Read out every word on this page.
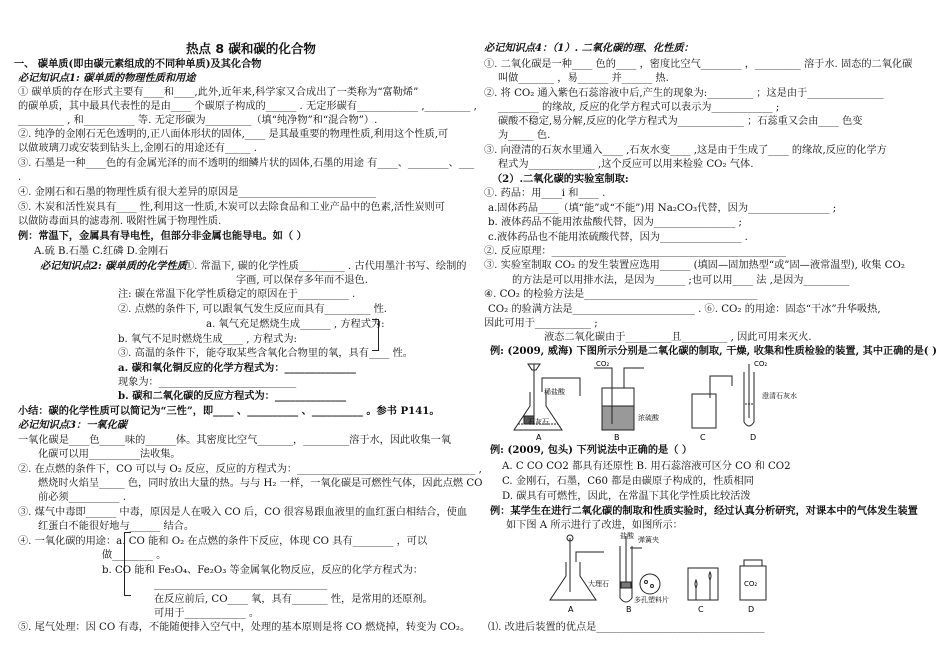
热点 8 碳和碳的化合物
一、 碳单质(即由碳元素组成的不同种单质)及其化合物
必记知识点1: 碳单质的物理性质和用途
① 碳单质的存在形式主要有____和____,此外,近年来,科学家又合成出了一类称为“富勒烯”
的碳单质，其中最具代表性的是由____ 个碳原子构成的______ . 无定形碳有____________ ,_________ ,
_________ , 和__________ 等. 无定形碳为_________（填“纯净物”和“混合物”）.
②. 纯净的金刚石无色透明的,正八面体形状的固体,____ 是其最重要的物理性质,利用这个性质,可
以做玻璃刀或安装到钻头上,金刚石的用途还有_____ .
③. 石墨是一种____色的有金属光泽的而不透明的细鳞片状的固体,石墨的用途 有____、________、___
.
④. 金刚石和石墨的物理性质有很大差异的原因是___________________________
⑤. 木炭和活性炭具有____ 性,利用这一性质,木炭可以去除食品和工业产品中的色素,活性炭则可
以做防毒面具的滤毒剂. 吸附性属于物理性质.
例：常温下，金属具有导电性，但部分非金属也能导电。如（ ）
A.硫 B.石墨 C.红磷 D.金刚石
必记知识点2: 碳单质的化学性质
①. 常温下, 碳的化学性质_________ . 古代用墨汁书写、绘制的
字画, 可以保存多年而不退色.
注: 碳在常温下化学性质稳定的原因在于__________ .
②. 点燃的条件下, 可以跟氧气发生反应而具有_________ 性.
a. 氧气充足燃烧生成______ , 方程式为:
b. 氧气不足时燃烧生成____ , 方程式为:
③. 高温的条件下，能夺取某些含氧化合物里的氧，具有____ 性。
a. 碳和氧化铜反应的化学方程式为：______________
现象为：___________________________
b. 碳和二氧化碳的反应方程式为：______________
小结：碳的化学性质可以简记为“三性”，即____ 、__________ 、__________ 。参书 P141。
必记知识点3：一氧化碳
一氧化碳是____色_____味的______体。其密度比空气_______，_________溶于水，因此收集一氧
化碳可以用__________法收集。
②. 在点燃的条件下，CO 可以与 O₂ 反应，反应的方程式为：___________________________________ ,
燃烧时火焰呈_____ 色，同时放出大量的热。与与 H₂ 一样，一氧化碳是可燃性气体，因此点燃 CO
前必须__________ .
③. 煤气中毒即______ 中毒，原因是人在吸入 CO 后，CO 很容易跟血液里的血红蛋白相结合，使血
红蛋白不能很好地与______ 结合。
④. 一氧化碳的用途：a. CO 能和 O₂ 在点燃的条件下反应，体现 CO 具有________ ，可以
做________ 。
b. CO 能和 Fe₃O₄、Fe₂O₃ 等金属氧化物反应，反应的化学方程式为：
__________________________________
在反应前后, CO____ 氧，具有_______ 性，是常用的还原剂。
可用于____________ 。
⑤. 尾气处理：因 CO 有毒，不能随便排入空气中，处理的基本原则是将 CO 燃烧掉，转变为 CO₂。
必记知识点4：（1）. 二氧化碳的理、化性质：
①. 二氧化碳是一种____ 色的____ ，密度比空气________ ，_________ 溶于水. 固态的二氧化碳
叫做_______ ，易______ 并______ 热.
②. 将 CO₂ 通入紫色石蕊溶液中后,产生的现象为:_________ ；这是由于_______________
________ 的缘故, 反应的化学方程式可以表示为____________ ;
碳酸不稳定,易分解,反应的化学方程式为_____________ ；石蕊重又会由____ 色变
为_____ 色.
③. 向澄清的石灰水里通入____ ,石灰水变____ ,这是由于生成了____ 的缘故,反应的化学方
程式为_____________ ,这个反应可以用来检验 CO₂ 气体.
（2）.二氧化碳的实验室制取:
①. 药品：用____i 和____ .
a.固体药品____（填“能”或“不能”)用 Na₂CO₃代替，因为________________ ;
b. 液体药品不能用浓盐酸代替，因为________________ ;
c.液体药品也不能用浓硫酸代替，因为________________ .
②. 反应原理：______________________________________________
③. 实验室制取 CO₂ 的发生装置应选用______ (填固—固加热型“或”固—液常温型), 收集 CO₂
的方法是可以用排水法，是因为______ ;也可以用____ 法 ,是因为_________
④. CO₂ 的检验方法是__________________________________
CO₂ 的验满方法是________________________ . ⑥. CO₂ 的用途：固态“干冰”升华吸热,
因此可用于___________ ;
液态二氧化碳由于_________且_________ , 因此可用来灭火.
例: (2009, 威海) 下图所示分别是二氧化碳的制取, 干燥, 收集和性质检验的装置, 其中正确的是( )
稀盐酸
石灰石
A
CO₂
浓硫酸
B	C
CO₂
澄清石灰水
D
例: (2009, 包头) 下列说法中正确的是（ ）
A. C CO CO2 都具有还原性 B. 用石蕊溶液可区分 CO 和 CO2
C. 金刚石，石墨，C60 都是由碳原子构成的，性质相同
D. 碳具有可燃性，因此，在常温下其化学性质比较活泼
例：某学生在进行二氧化碳的制取和性质实验时，经过认真分析研究，对课本中的气体发生装置
如下图 A 所示进行了改进，如图所示：
A
盐酸 弹簧夹
大理石
多孔塑料片
B	C
CO₂
D
⑴. 改进后装置的优点是_________________________________
